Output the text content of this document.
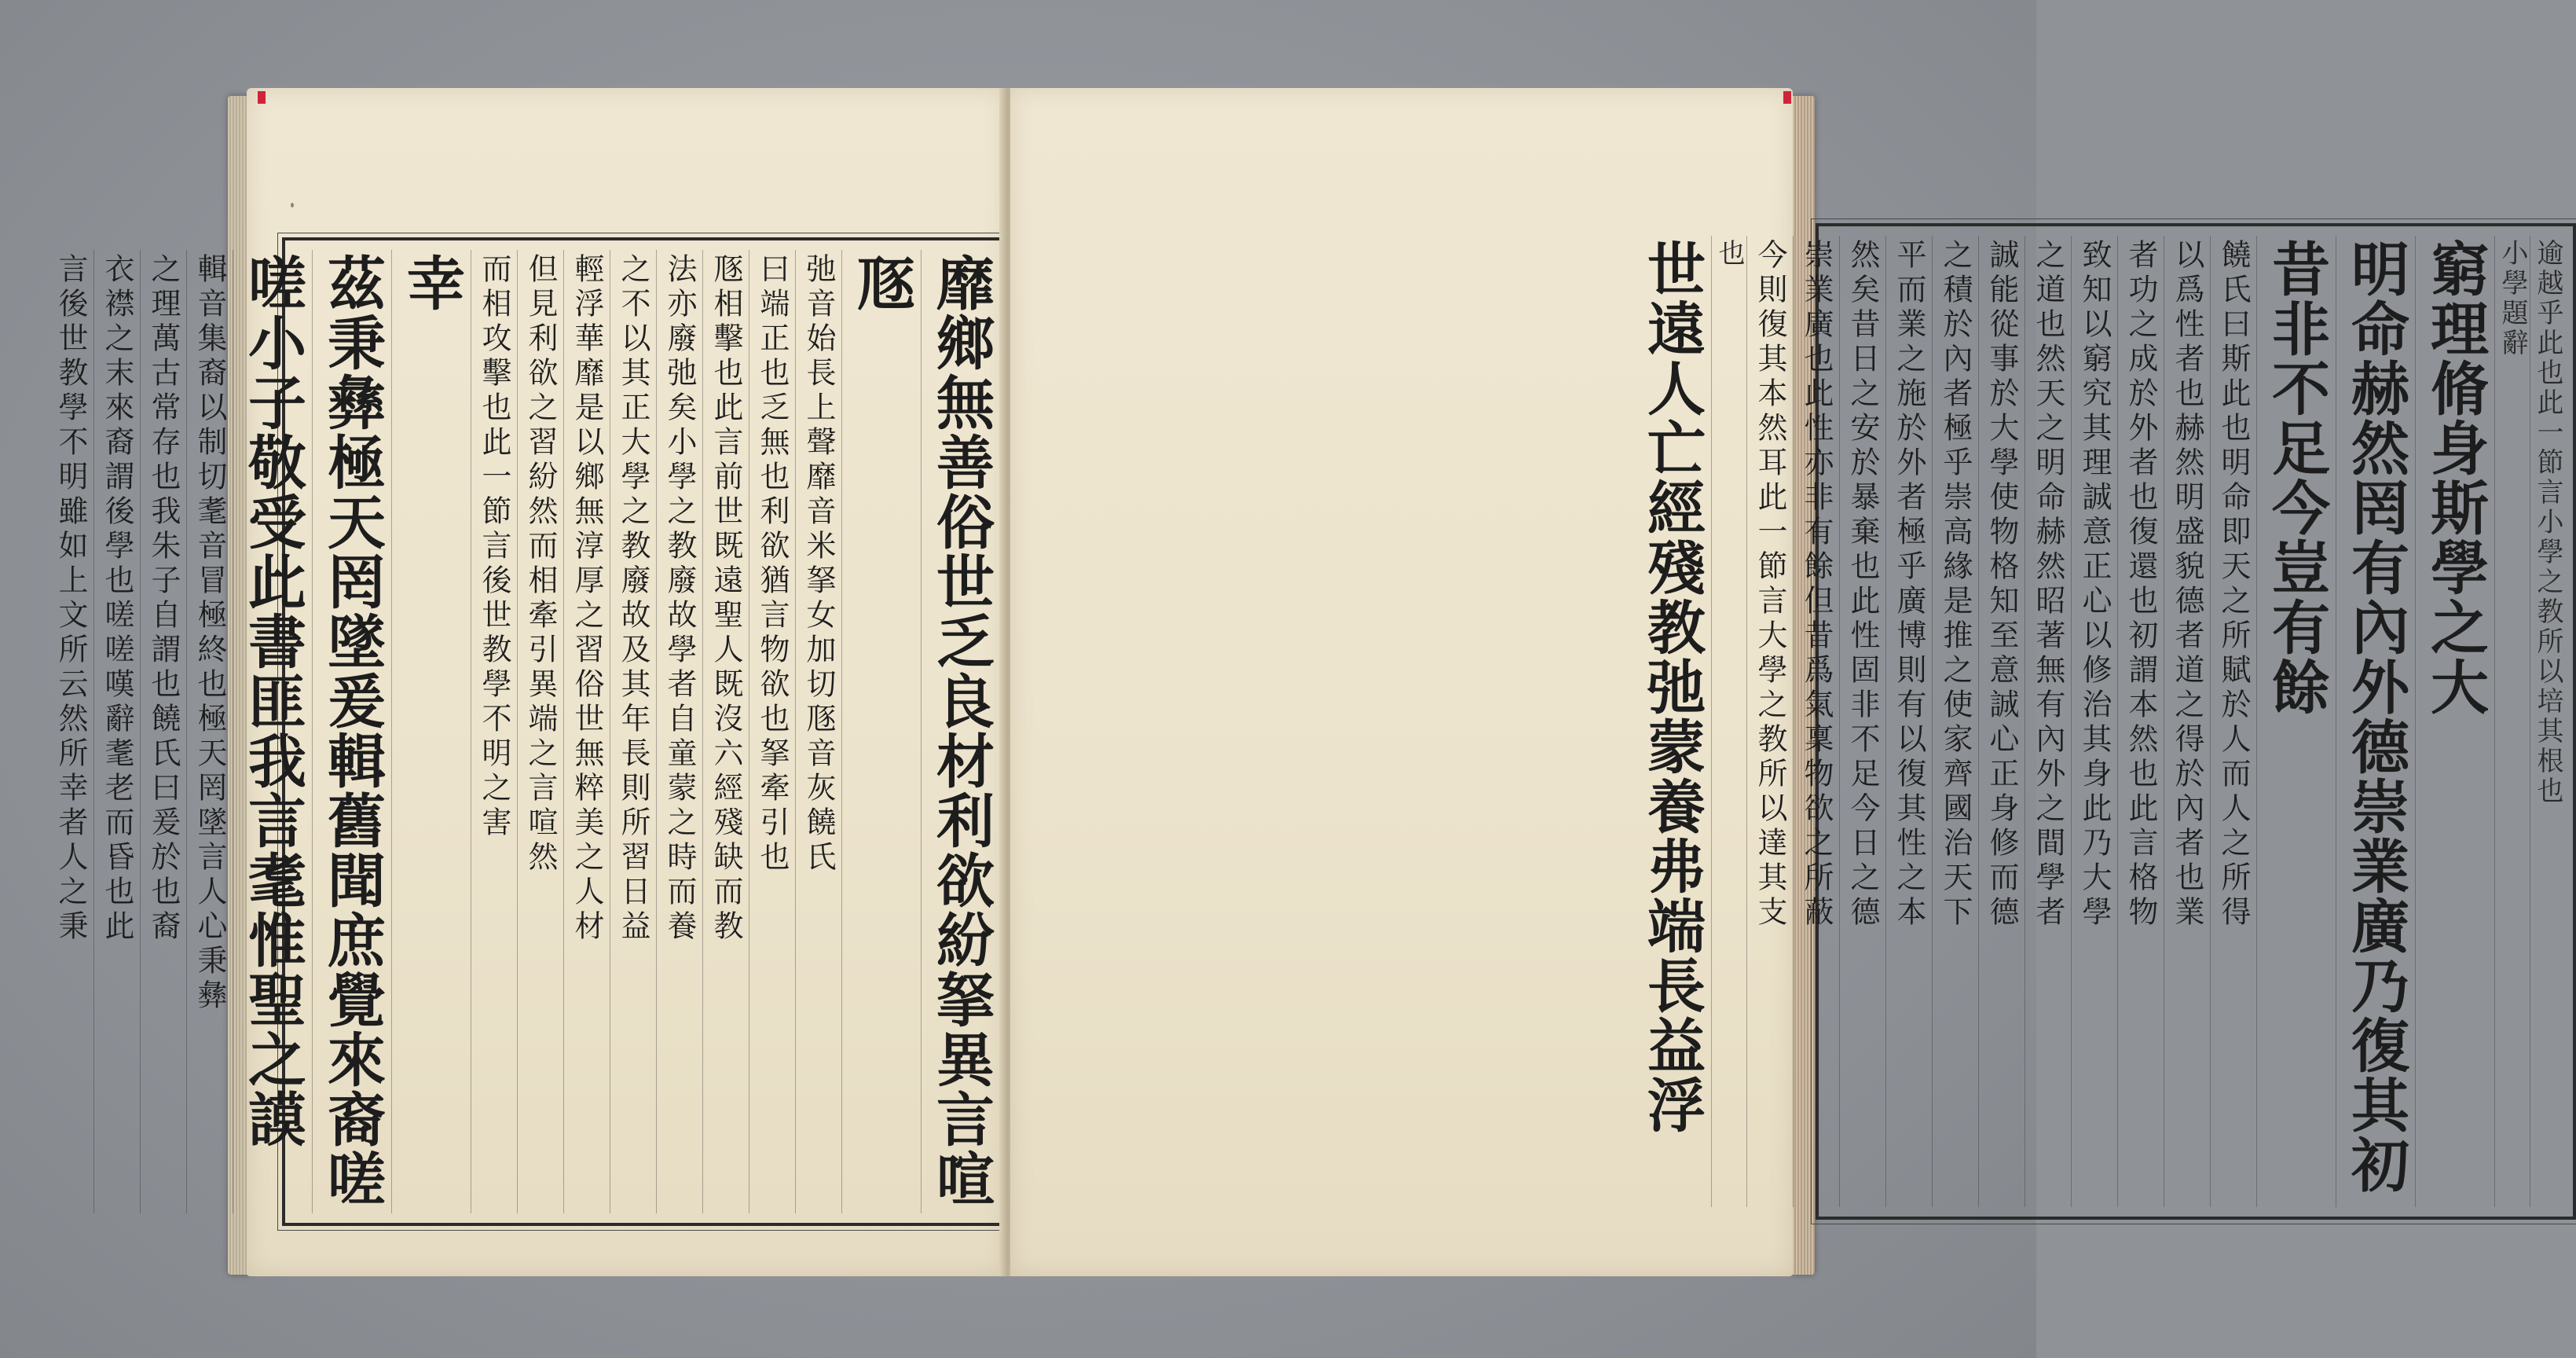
靡鄉無善俗世乏良材利欲紛拏異言喧
豗
弛音始長上聲靡音米拏女加切豗音灰饒氏
曰端正也乏無也利欲猶言物欲也拏牽引也
豗相擊也此言前世既遠聖人既沒六經殘缺而教
法亦廢弛矣小學之教廢故學者自童蒙之時而養
之不以其正大學之教廢故及其年長則所習日益
輕浮華靡是以鄉無淳厚之習俗世無粹美之人材
但見利欲之習紛然而相牽引異端之言喧然
而相攻擊也此一節言後世教學不明之害
幸
茲秉彝極天罔墜爰輯舊聞庶覺來裔嗟
嗟小子敬受此書匪我言耄惟聖之謨
輯音集裔以制切耄音冒極終也極天罔墜言人心秉彝
之理萬古常存也我朱子自謂也饒氏曰爰於也裔
衣襟之末來裔謂後學也嗟嗟嘆辭耄老而昏也此
言後世教學不明雖如上文所云然所幸者人之秉	逾越乎此也此一節言小學之教所以培其根也
小學題辭
窮理脩身斯學之大
明命赫然罔有內外德崇業廣乃復其初
昔非不足今豈有餘
饒氏曰斯此也明命即天之所賦於人而人之所得
以爲性者也赫然明盛貌德者道之得於內者也業
者功之成於外者也復還也初謂本然也此言格物
致知以窮究其理誠意正心以修治其身此乃大學
之道也然天之明命赫然昭著無有內外之間學者
誠能從事於大學使物格知至意誠心正身修而德
之積於內者極乎崇高緣是推之使家齊國治天下
平而業之施於外者極乎廣博則有以復其性之本
然矣昔日之安於暴棄也此性固非不足今日之德
崇業廣也此性亦非有餘但昔爲氣稟物欲之所蔽
今則復其本然耳此一節言大學之教所以達其支
也
世遠人亡經殘教弛蒙養弗端長益浮
